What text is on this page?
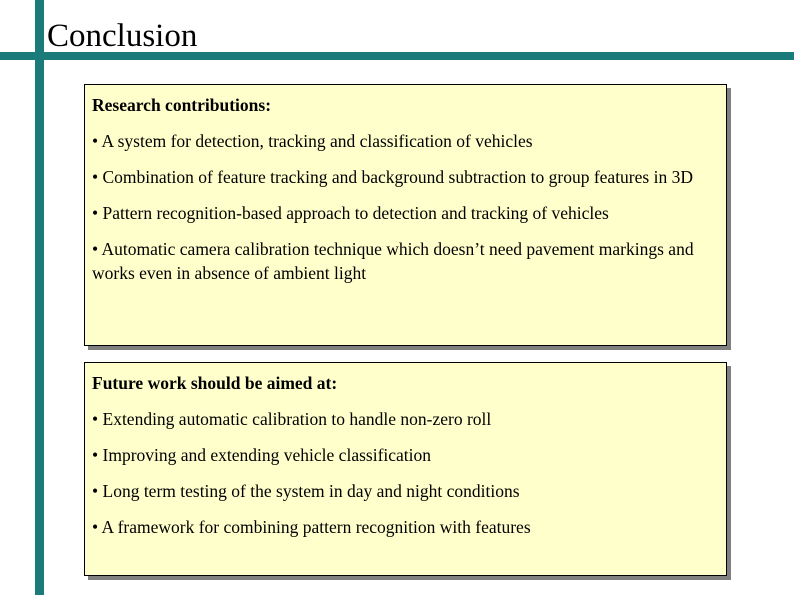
Conclusion
Research contributions:
• A system for detection, tracking and classification of vehicles
• Combination of feature tracking and background subtraction to group features in 3D
• Pattern recognition-based approach to detection and tracking of vehicles
• Automatic camera calibration technique which doesn’t need pavement markings and works even in absence of ambient light
Future work should be aimed at:
• Extending automatic calibration to handle non-zero roll
• Improving and extending vehicle classification
• Long term testing of the system in day and night conditions
• A framework for combining pattern recognition with features
